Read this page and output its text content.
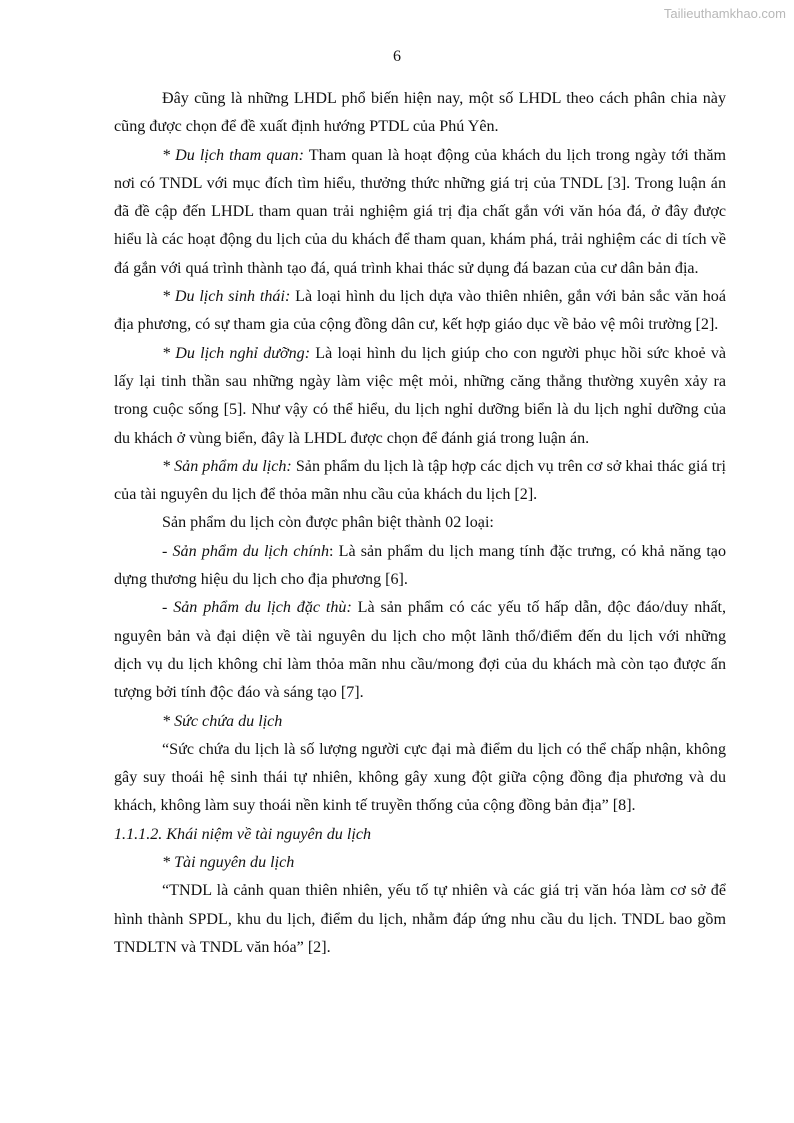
Tailieuthamkhao.com
6

Đây cũng là những LHDL phổ biến hiện nay, một số LHDL theo cách phân chia này cũng được chọn để đề xuất định hướng PTDL của Phú Yên.

* Du lịch tham quan: Tham quan là hoạt động của khách du lịch trong ngày tới thăm nơi có TNDL với mục đích tìm hiểu, thưởng thức những giá trị của TNDL [3]. Trong luận án đã đề cập đến LHDL tham quan trải nghiệm giá trị địa chất gắn với văn hóa đá, ở đây được hiểu là các hoạt động du lịch của du khách để tham quan, khám phá, trải nghiệm các di tích về đá gắn với quá trình thành tạo đá, quá trình khai thác sử dụng đá bazan của cư dân bản địa.

* Du lịch sinh thái: Là loại hình du lịch dựa vào thiên nhiên, gắn với bản sắc văn hoá địa phương, có sự tham gia của cộng đồng dân cư, kết hợp giáo dục về bảo vệ môi trường [2].

* Du lịch nghỉ dưỡng: Là loại hình du lịch giúp cho con người phục hồi sức khoẻ và lấy lại tinh thần sau những ngày làm việc mệt mỏi, những căng thẳng thường xuyên xảy ra trong cuộc sống [5]. Như vậy có thể hiểu, du lịch nghỉ dưỡng biển là du lịch nghỉ dưỡng của du khách ở vùng biển, đây là LHDL được chọn để đánh giá trong luận án.

* Sản phẩm du lịch: Sản phẩm du lịch là tập hợp các dịch vụ trên cơ sở khai thác giá trị của tài nguyên du lịch để thỏa mãn nhu cầu của khách du lịch [2].

Sản phẩm du lịch còn được phân biệt thành 02 loại:

- Sản phẩm du lịch chính: Là sản phẩm du lịch mang tính đặc trưng, có khả năng tạo dựng thương hiệu du lịch cho địa phương [6].

- Sản phẩm du lịch đặc thù: Là sản phẩm có các yếu tố hấp dẫn, độc đáo/duy nhất, nguyên bản và đại diện về tài nguyên du lịch cho một lãnh thổ/điểm đến du lịch với những dịch vụ du lịch không chỉ làm thỏa mãn nhu cầu/mong đợi của du khách mà còn tạo được ấn tượng bởi tính độc đáo và sáng tạo [7].

* Sức chứa du lịch

“Sức chứa du lịch là số lượng người cực đại mà điểm du lịch có thể chấp nhận, không gây suy thoái hệ sinh thái tự nhiên, không gây xung đột giữa cộng đồng địa phương và du khách, không làm suy thoái nền kinh tế truyền thống của cộng đồng bản địa” [8].

1.1.1.2. Khái niệm về tài nguyên du lịch

* Tài nguyên du lịch

“TNDL là cảnh quan thiên nhiên, yếu tố tự nhiên và các giá trị văn hóa làm cơ sở để hình thành SPDL, khu du lịch, điểm du lịch, nhằm đáp ứng nhu cầu du lịch. TNDL bao gồm TNDLTN và TNDL văn hóa” [2].
